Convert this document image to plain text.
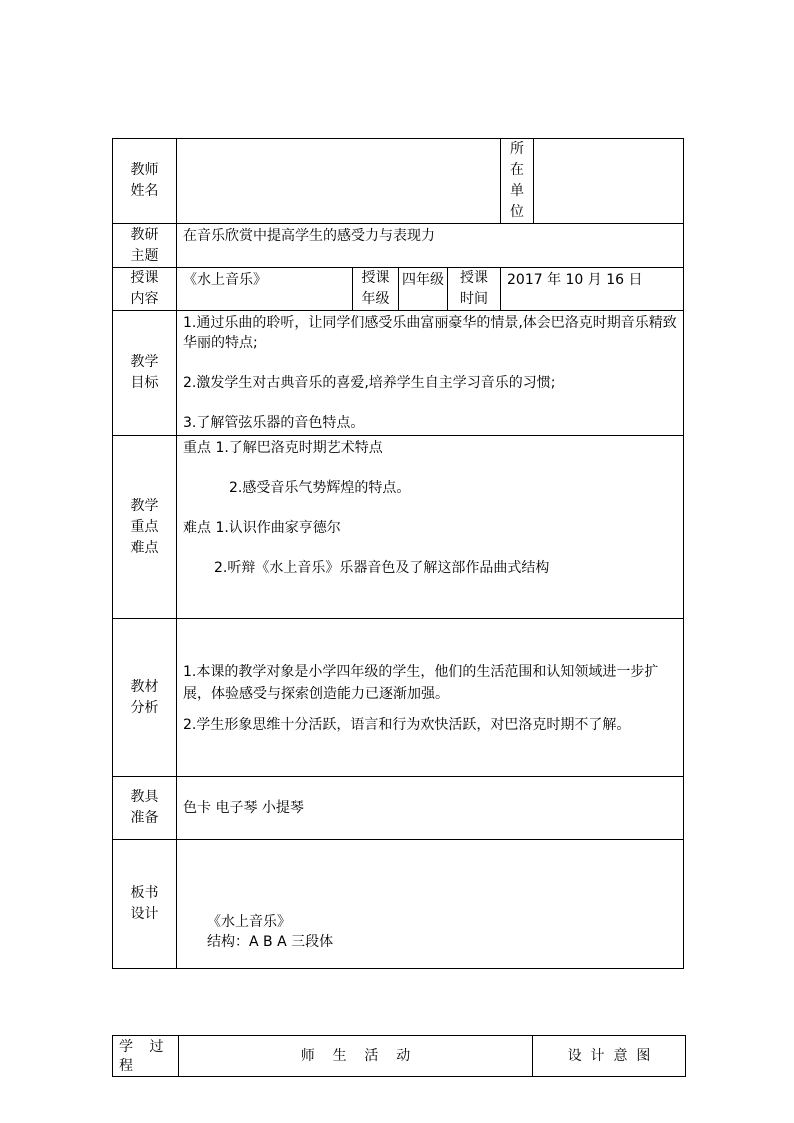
教师姓名					所在单位	
教研主题	在音乐欣赏中提高学生的感受力与表现力					
授课内容	《水上音乐》	授课年级	四年级	授课时间	2017 年 10 月 16 日	
教学目标	1.通过乐曲的聆听，让同学们感受乐曲富丽豪华的情景,体会巴洛克时期音乐精致华丽的特点;
2.激发学生对古典音乐的喜爱,培养学生自主学习音乐的习惯;
3.了解管弦乐器的音色特点。					

教学重点难点	重点 1.了解巴洛克时期艺术特点
2.感受音乐气势辉煌的特点。
难点 1.认识作曲家亨德尔
2.听辩《水上音乐》乐器音色及了解这部作品曲式结构					

教材分析	1.本课的教学对象是小学四年级的学生，他们的生活范围和认知领域进一步扩展，体验感受与探索创造能力已逐渐加强。
2.学生形象思维十分活跃，语言和行为欢快活跃，对巴洛克时期不了解。					

教具准备	色卡 电子琴 小提琴					
板书设计	《水上音乐》
结构：A B A 三段体					
学 过程	师    生    活    动	设  计  意  图
